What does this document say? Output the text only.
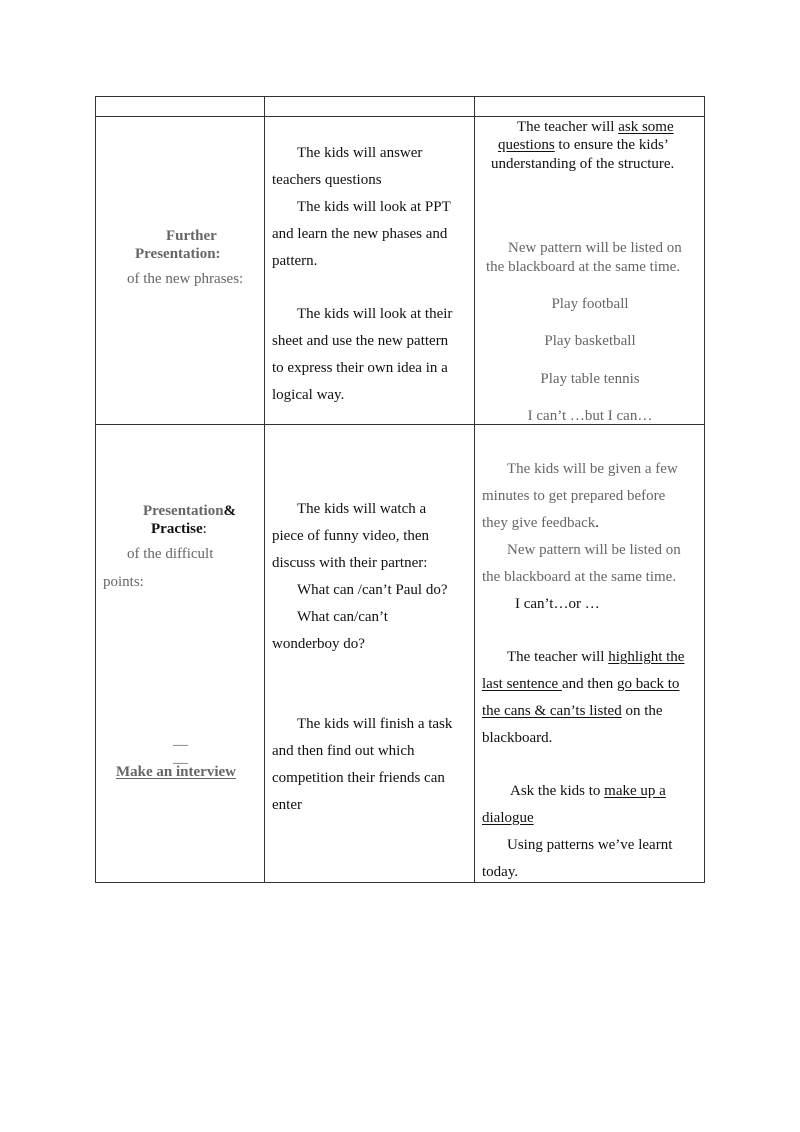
Further
Presentation:
of the new phrases:
The kids will answer
teachers questions
The kids will look at PPT
and learn the new phases and
pattern.
The kids will look at their
sheet and use the new pattern
to express their own idea in a
logical way.
The teacher will ask some
questions to ensure the kids’
understanding of the structure.
New pattern will be listed on
the blackboard at the same time.
Play football
Play basketball
Play table tennis
I can’t …but I can…
Presentation&
Practise:
of the difficult
points:
__
__
Make an interview
The kids will watch a
piece of funny video, then
discuss with their partner:
What can /can’t Paul do?
What can/can’t
wonderboy do?
The kids will finish a task
and then find out which
competition their friends can
enter
The kids will be given a few
minutes to get prepared before
they give feedback.
New pattern will be listed on
the blackboard at the same time.
I can’t…or …
The teacher will highlight the
last sentence and then go back to
the cans & can’ts listed on the
blackboard.
Ask the kids to make up a
dialogue
Using patterns we’ve learnt
today.
